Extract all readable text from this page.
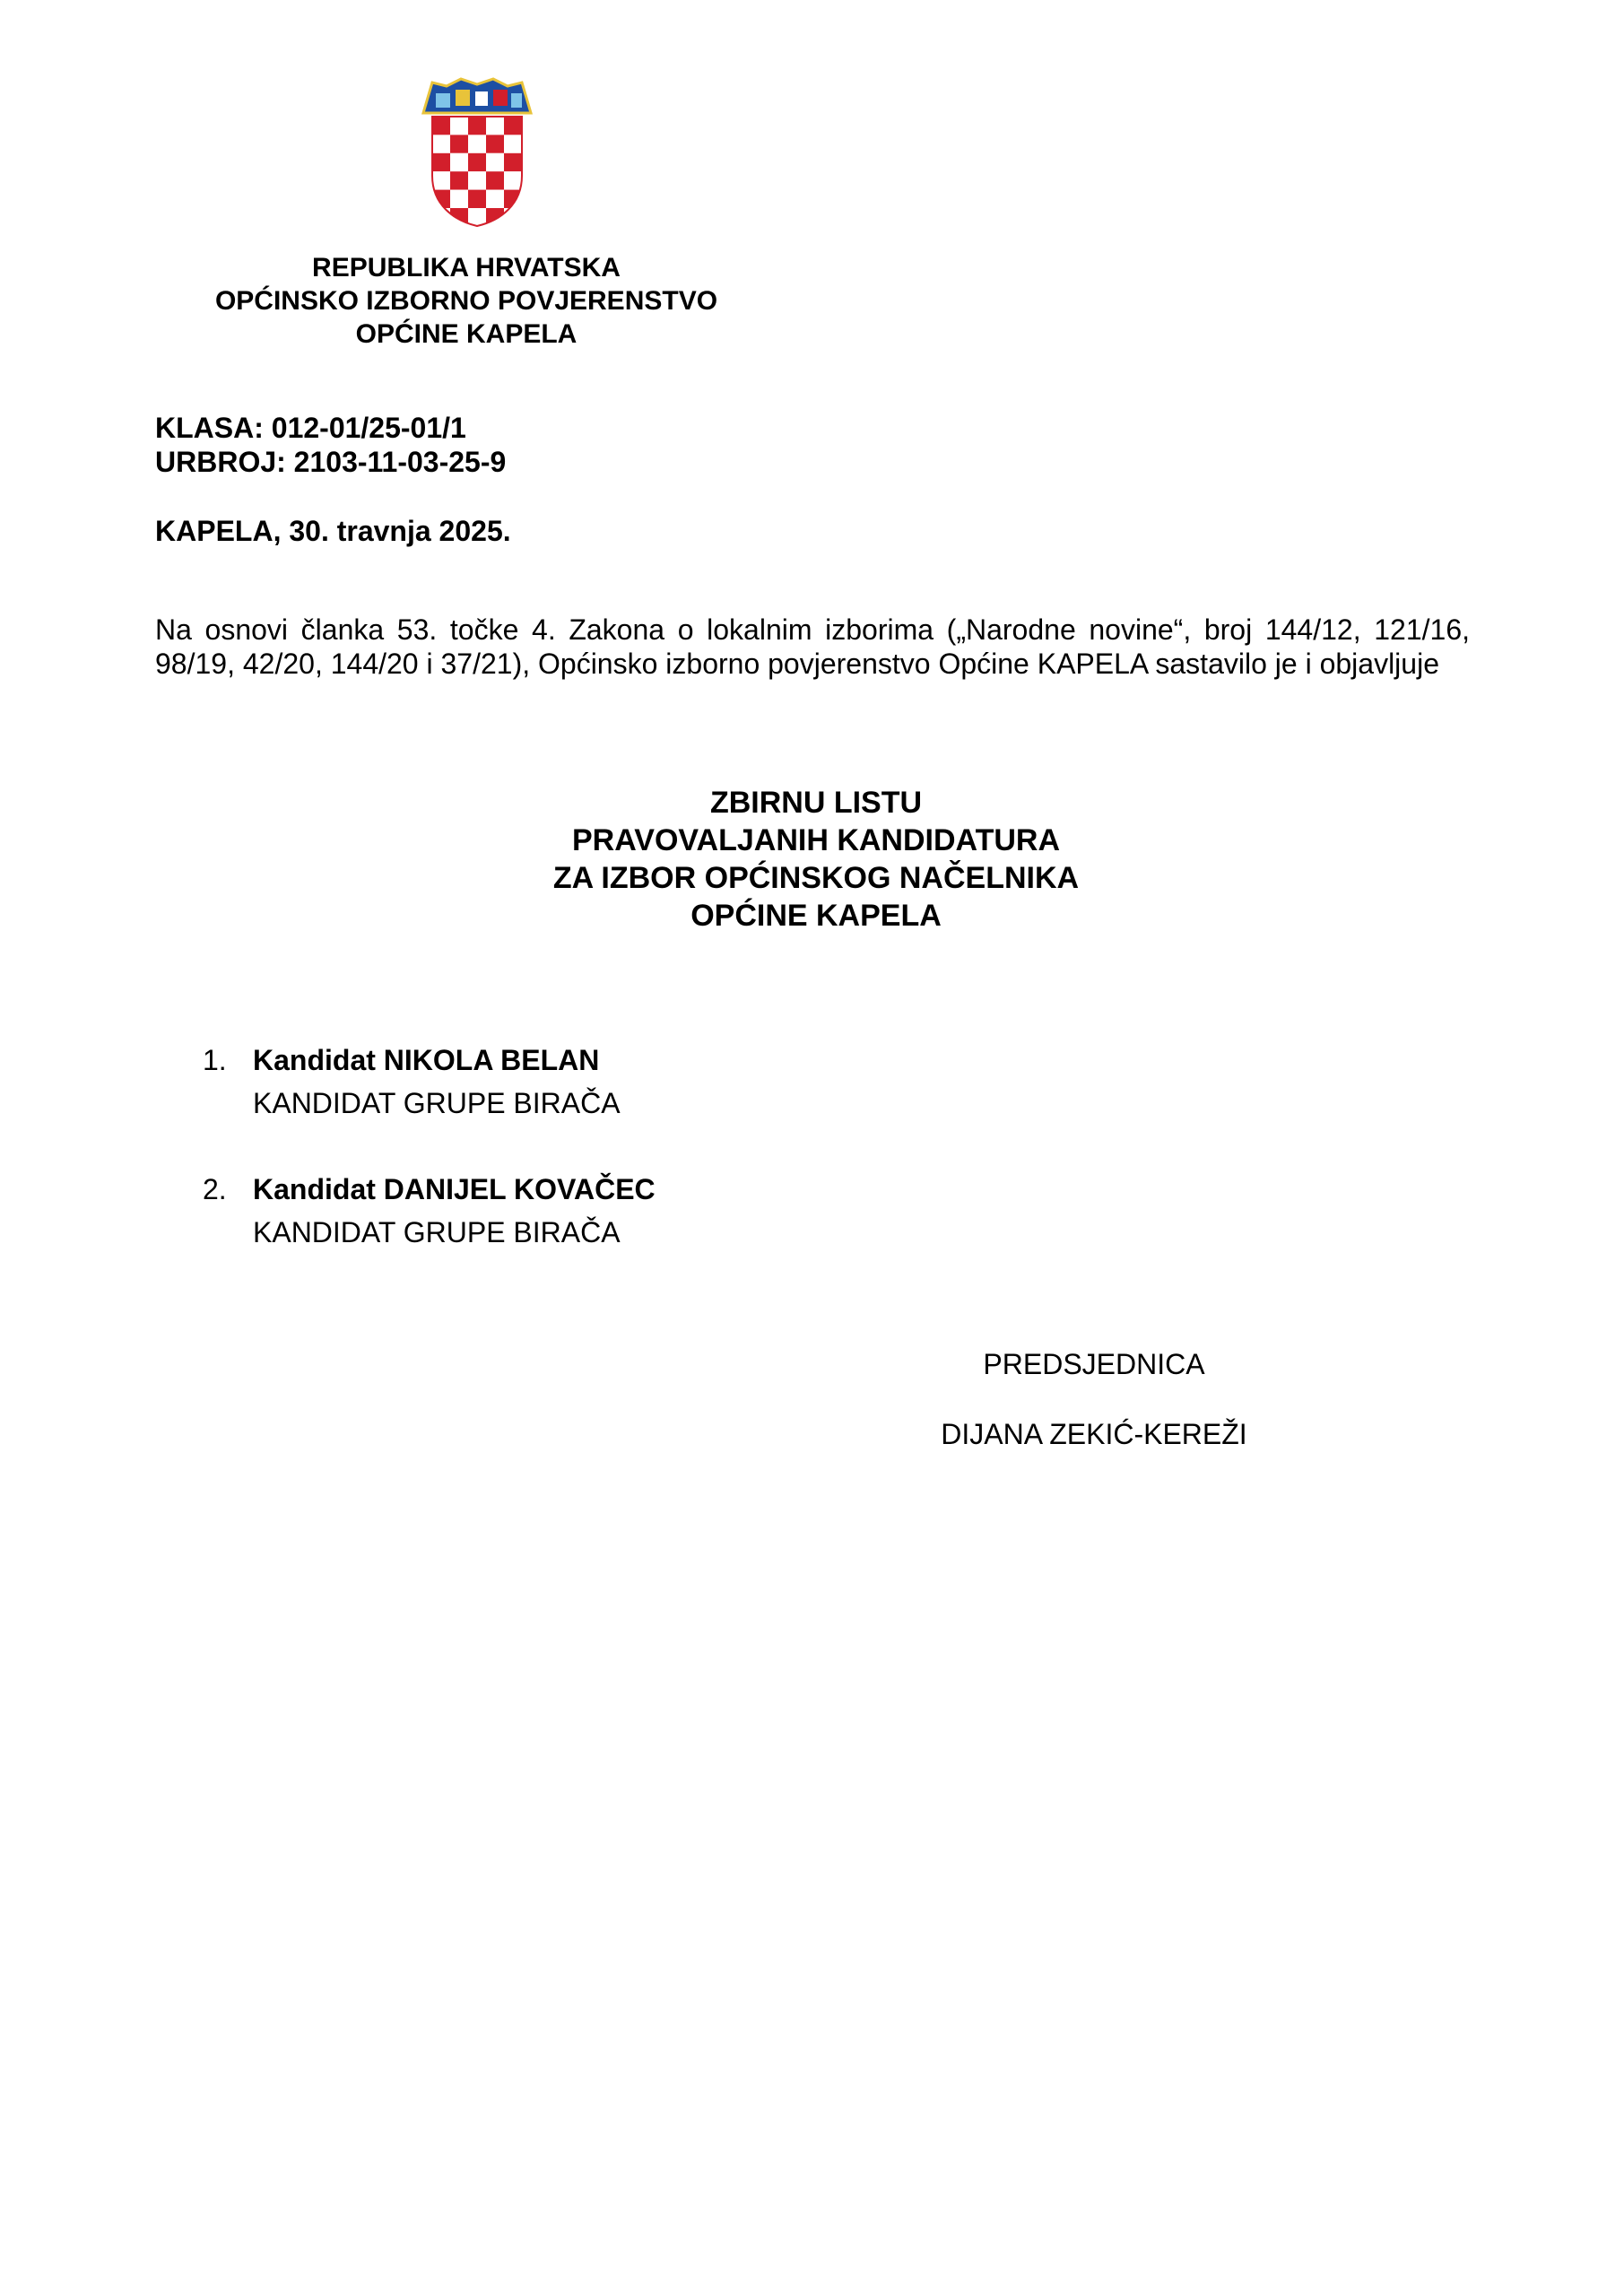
REPUBLIKA HRVATSKA
OPĆINSKO IZBORNO POVJERENSTVO
OPĆINE KAPELA
KLASA: 012-01/25-01/1
URBROJ: 2103-11-03-25-9
KAPELA, 30. travnja 2025.
Na osnovi članka 53. točke 4. Zakona o lokalnim izborima („Narodne novine“, broj 144/12, 121/16, 98/19, 42/20, 144/20 i 37/21), Općinsko izborno povjerenstvo Općine KAPELA sastavilo je i objavljuje
ZBIRNU LISTU
PRAVOVALJANIH KANDIDATURA
ZA IZBOR OPĆINSKOG NAČELNIKA
OPĆINE KAPELA
1. Kandidat NIKOLA BELAN
KANDIDAT GRUPE BIRAČA
2. Kandidat DANIJEL KOVAČEC
KANDIDAT GRUPE BIRAČA
PREDSJEDNICA
DIJANA ZEKIĆ-KEREŽI
